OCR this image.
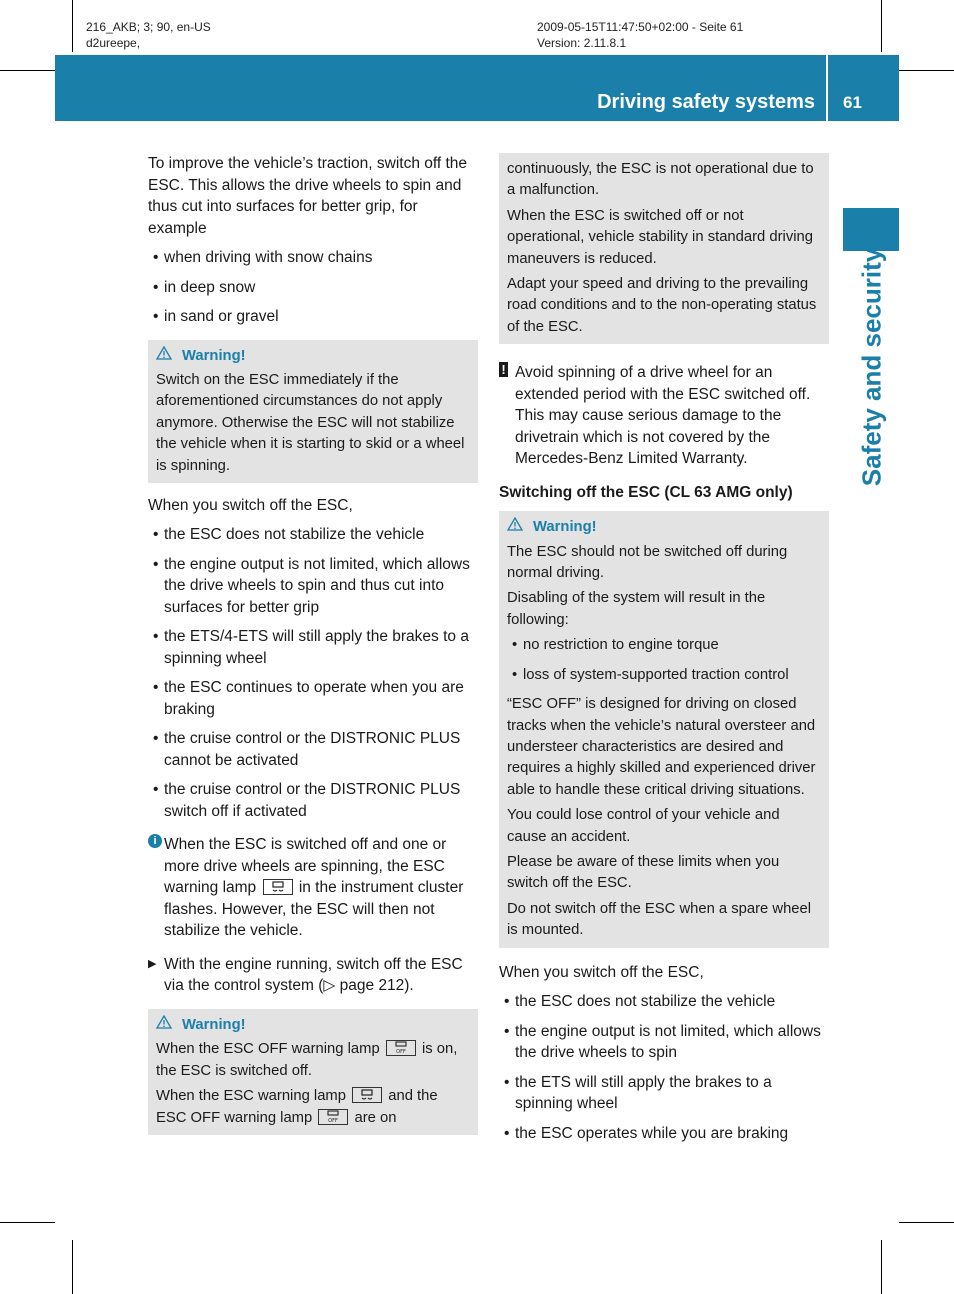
216_AKB; 3; 90, en-US
d2ureepe,
2009-05-15T11:47:50+02:00 - Seite 61
Version: 2.11.8.1
Driving safety systems 61
Safety and security

To improve the vehicle’s traction, switch off the ESC. This allows the drive wheels to spin and thus cut into surfaces for better grip, for example

• when driving with snow chains
• in deep snow
• in sand or gravel
Warning!

Switch on the ESC immediately if the aforementioned circumstances do not apply anymore. Otherwise the ESC will not stabilize the vehicle when it is starting to skid or a wheel is spinning.

When you switch off the ESC,

• the ESC does not stabilize the vehicle
• the engine output is not limited, which allows the drive wheels to spin and thus cut into surfaces for better grip
• the ETS/4-ETS will still apply the brakes to a spinning wheel
• the ESC continues to operate when you are braking
• the cruise control or the DISTRONIC PLUS cannot be activated
• the cruise control or the DISTRONIC PLUS switch off if activated
i When the ESC is switched off and one or more drive wheels are spinning, the ESC warning lamp	in the instrument cluster flashes. However, the ESC will then not stabilize the vehicle.
▶ With the engine running, switch off the ESC via the control system (▷ page 212).
Warning!

When the ESC OFF warning lamp	OFF is on, the ESC is switched off.

When the ESC warning lamp	and the ESC OFF warning lamp	OFF are on

continuously, the ESC is not operational due to a malfunction.

When the ESC is switched off or not operational, vehicle stability in standard driving maneuvers is reduced.

Adapt your speed and driving to the prevailing road conditions and to the non-operating status of the ESC.

! Avoid spinning of a drive wheel for an extended period with the ESC switched off. This may cause serious damage to the drivetrain which is not covered by the Mercedes-Benz Limited Warranty.

Switching off the ESC (CL 63 AMG only)

Warning!

The ESC should not be switched off during normal driving.

Disabling of the system will result in the following:

• no restriction to engine torque
• loss of system-supported traction control

“ESC OFF” is designed for driving on closed tracks when the vehicle’s natural oversteer and understeer characteristics are desired and requires a highly skilled and experienced driver able to handle these critical driving situations.

You could lose control of your vehicle and cause an accident.

Please be aware of these limits when you switch off the ESC.

Do not switch off the ESC when a spare wheel is mounted.

When you switch off the ESC,

• the ESC does not stabilize the vehicle
• the engine output is not limited, which allows the drive wheels to spin
• the ETS will still apply the brakes to a spinning wheel
• the ESC operates while you are braking
